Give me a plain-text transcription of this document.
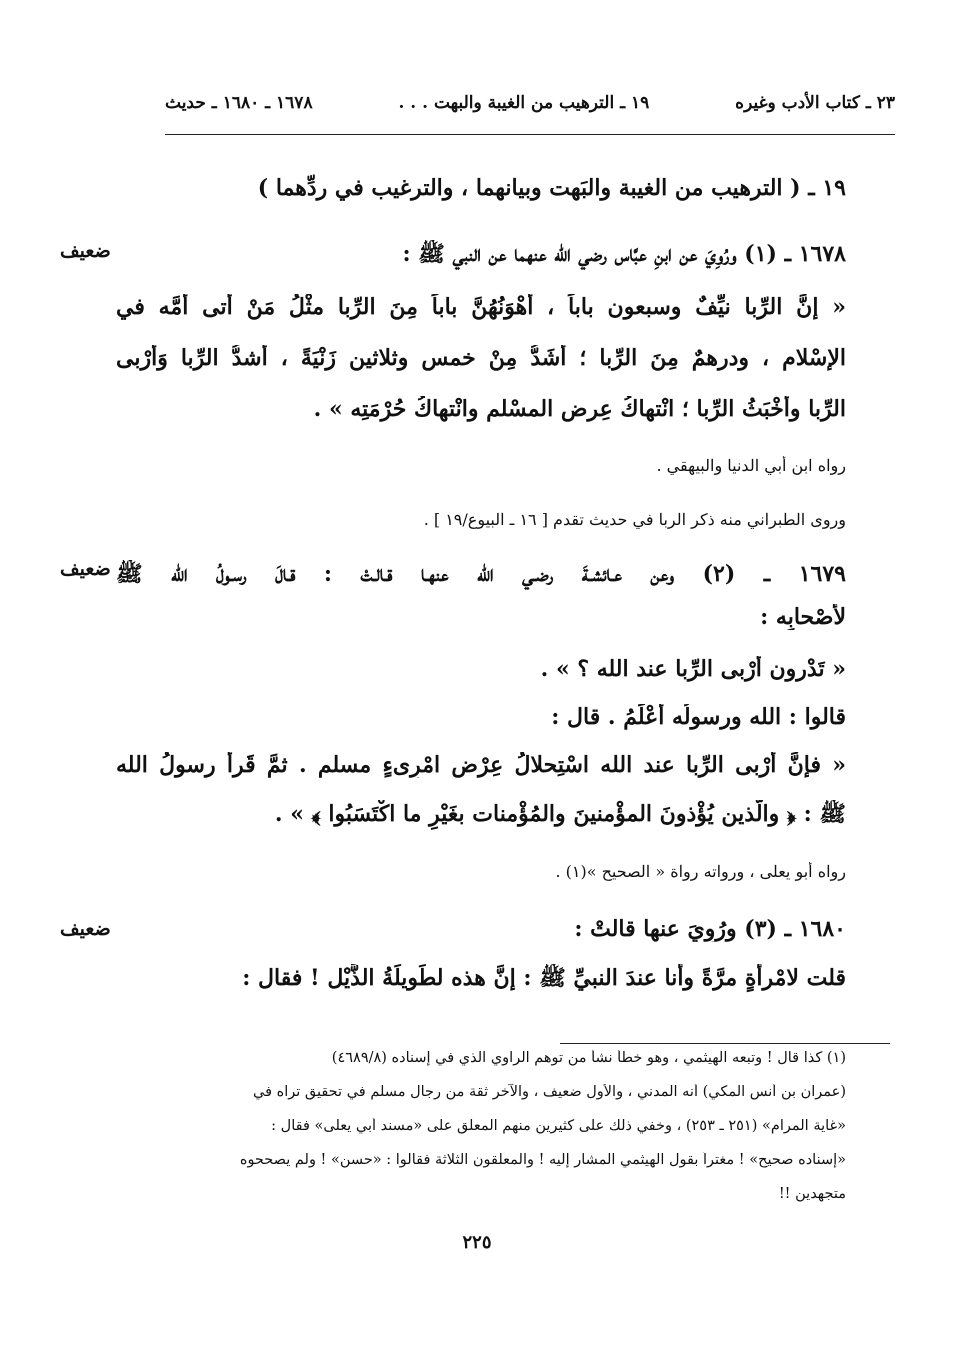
٢٣ ـ كتاب الأدب وغيره
١٩ ـ الترهيب من الغيبة والبهت . . .
١٦٧٨ ـ ١٦٨٠ ـ حديث
١٩ ـ ( الترهيب من الغيبة والبَهت وبيانهما ، والترغيب في ردِّهما )
ضعيف	١٦٧٨ ـ (١) ورُوِيَ عن ابنِ عبَّاس رضي الله عنهما عن النبي ﷺ :
« إنَّ الرِّبا نيِّفٌ وسبعون باباً ، أهْوَنُهُنَّ باباً مِنَ الرِّبا مثْلُ مَنْ أتى أُمَّه في
الإسْلامِ ، ودرهمٌ مِنَ الرِّبا ؛ أشَدُّ مِنْ خمسٍ وثلاثين زَنْيَةً ، أشدُّ الرِّبا وَأَرْبى
الرِّبا وأخْبَثُ الرِّبا ؛ انْتهاكُ عِرضِ المسْلمِ وانْتهاكُ حُرْمَتِه » .
رواه ابن أبي الدنيا والبيهقي .
وروى الطبراني منه ذكر الربا في حديث تقدم [ ١٦ ـ البيوع/١٩ ] .
ضعيف ١٦٧٩ ـ (٢) وعن عـائشـةَ رضـي الله عنهـا قـالـتْ : قـالَ رسـولُ الله ﷺ
لأصْحابِه :
« تَدْرون أرْبى الرِّبا عند الله ؟ » .
قالوا : الله ورسولُه أعْلَمُ . قال :
« فإنَّ أرْبى الرِّبا عند الله اسْتِحلالُ عِرْضِ امْرِىءٍ مسلم . ثمَّ قَرأ رسولُ الله
ﷺ : ﴿ والَّذين يُؤْذونَ المؤْمنينَ والمُؤْمنات بغَيْرِ ما اكْتَسَبُوا ﴾ » .
رواه أبو يعلى ، ورواته رواة « الصحيح »(١) .
ضعيف	١٦٨٠ ـ (٣) ورُوِيَ عنها قالتْ :
قلت لامْرأَةٍ مرَّةً وأنا عندَ النبيِّ ﷺ : إنَّ هذه لطَويلَةُ الذَّيْل ! فقال :
(١) كذا قال ! وتبعه الهيثمي ، وهو خطأ نشأ من توهم الراوي الذي في إسناده (٤٦٨٩/٨)
(عمران بن أنس المكي) أنه المدني ، والأول ضعيف ، والآخر ثقة من رجال مسلم في تحقيق تراه في
«غاية المرام» (٢٥١ ـ ٢٥٣) ، وخفي ذلك على كثيرين منهم المعلق على «مسند أبي يعلى» فقال :
«إسناده صحيح» ! مغتراً بقول الهيثمي المشار إليه ! والمعلقون الثلاثة فقالوا : «حسن» ! ولم يصححوه
متجهدين !!
٢٢٥
